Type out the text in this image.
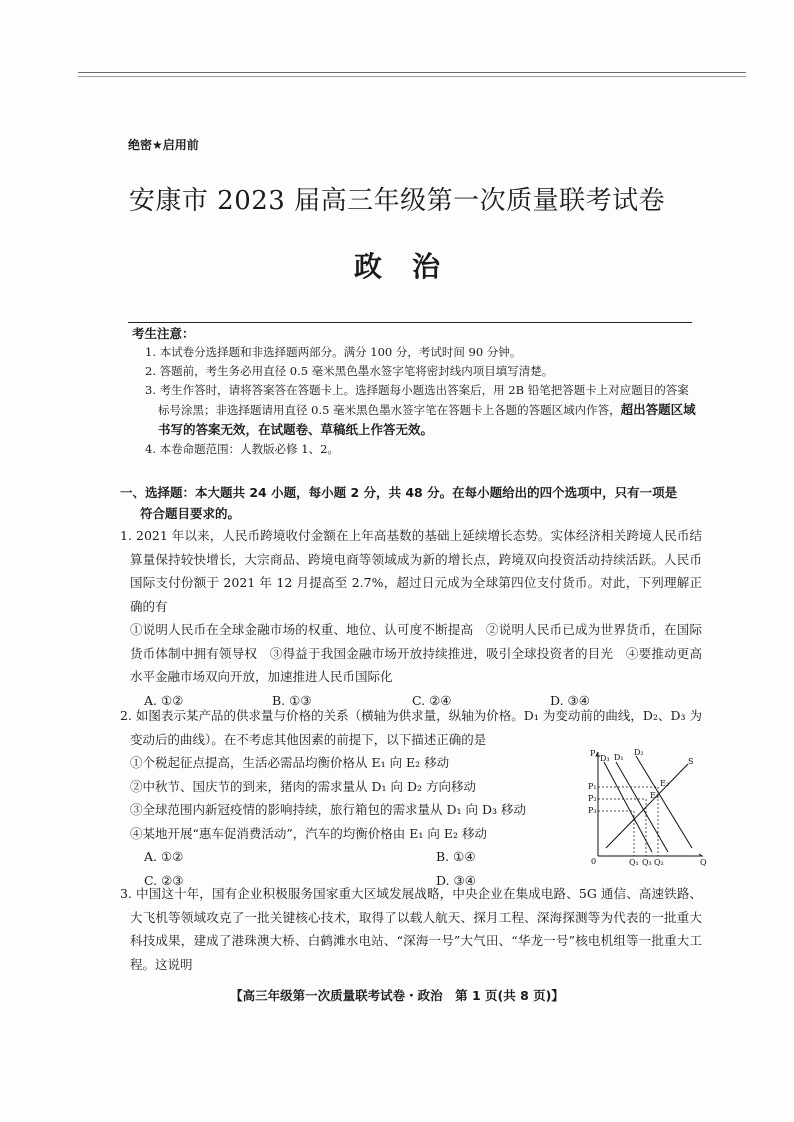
绝密★启用前
安康市 2023 届高三年级第一次质量联考试卷
政治
考生注意：
1. 本试卷分选择题和非选择题两部分。满分 100 分，考试时间 90 分钟。
2. 答题前，考生务必用直径 0.5 毫米黑色墨水签字笔将密封线内项目填写清楚。
3. 考生作答时，请将答案答在答题卡上。选择题每小题选出答案后，用 2B 铅笔把答题卡上对应题目的答案标号涂黑；非选择题请用直径 0.5 毫米黑色墨水签字笔在答题卡上各题的答题区域内作答，超出答题区域书写的答案无效，在试题卷、草稿纸上作答无效。
4. 本卷命题范围：人教版必修 1、2。
一、选择题：本大题共 24 小题，每小题 2 分，共 48 分。在每小题给出的四个选项中，只有一项是
符合题目要求的。

1. 2021 年以来，人民币跨境收付金额在上年高基数的基础上延续增长态势。实体经济相关跨境人民币结算量保持较快增长，大宗商品、跨境电商等领域成为新的增长点，跨境双向投资活动持续活跃。人民币国际支付份额于 2021 年 12 月提高至 2.7%，超过日元成为全球第四位支付货币。对此，下列理解正确的有

①说明人民币在全球金融市场的权重、地位、认可度不断提高　②说明人民币已成为世界货币，在国际货币体制中拥有领导权　③得益于我国金融市场开放持续推进，吸引全球投资者的目光　④要推动更高水平金融市场双向开放，加速推进人民币国际化

A. ①②	B. ①③	C. ②④	D. ③④

2. 如图表示某产品的供求量与价格的关系（横轴为供求量，纵轴为价格。D₁ 为变动前的曲线，D₂、D₃ 为变动后的曲线）。在不考虑其他因素的前提下，以下描述正确的是

①个税起征点提高，生活必需品均衡价格从 E₁ 向 E₂ 移动

②中秋节、国庆节的到来，猪肉的需求量从 D₁ 向 D₂ 方向移动

③全球范围内新冠疫情的影响持续，旅行箱包的需求量从 D₁ 向 D₃ 移动

④某地开展“惠车促消费活动”，汽车的均衡价格由 E₁ 向 E₂ 移动

A. ①②	B. ①④
C. ②③	D. ③④
P
P₁
P₂
P₃
0	Q
Q₁ Q₃ Q₂
D₃ D₁
D₂
S
E₁
E₂

3. 中国这十年，国有企业积极服务国家重大区域发展战略，中央企业在集成电路、5G 通信、高速铁路、大飞机等领域攻克了一批关键核心技术，取得了以载人航天、探月工程、深海探测等为代表的一批重大科技成果，建成了港珠澳大桥、白鹤滩水电站、“深海一号”大气田、“华龙一号”核电机组等一批重大工程。这说明

【高三年级第一次质量联考试卷・政治　第 1 页(共 8 页)】
